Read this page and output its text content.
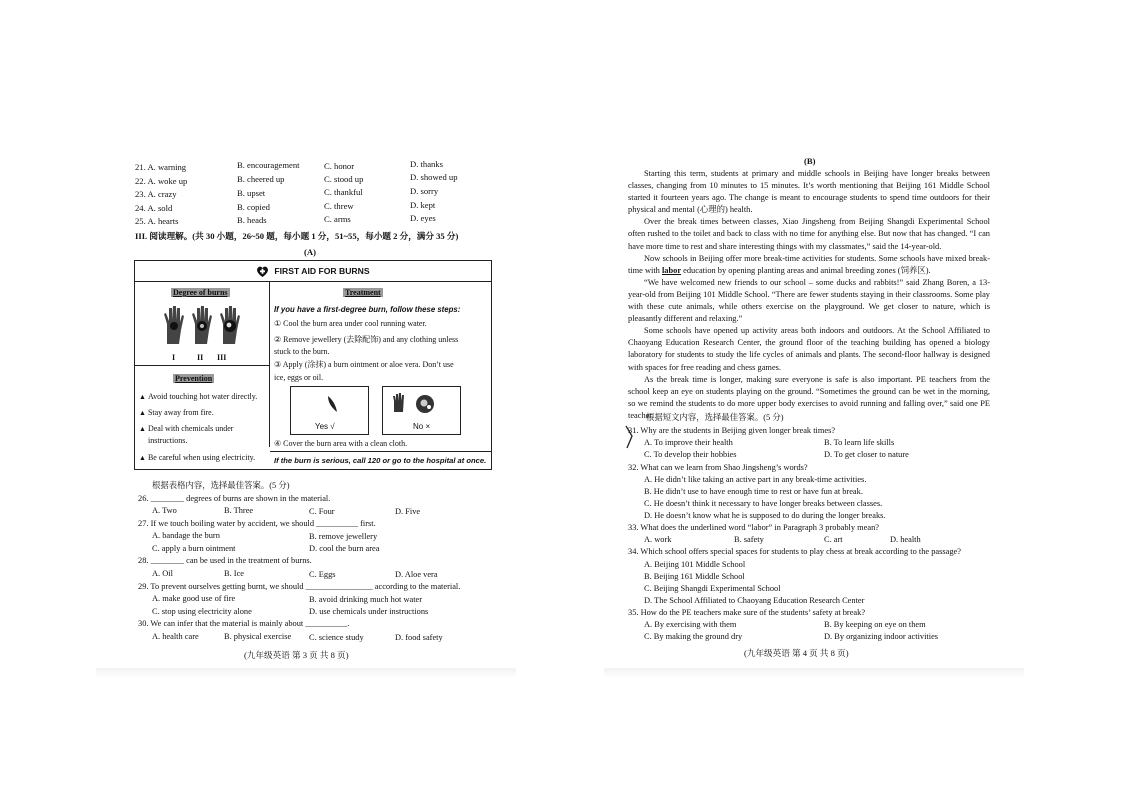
21. A. warning	B. encouragement	C. honor	D. thanks
22. A. woke up	B. cheered up	C. stood up	D. showed up
23. A. crazy	B. upset	C. thankful	D. sorry
24. A. sold	B. copied	C. threw	D. kept
25. A. hearts	B. heads	C. arms	D. eyes
III. 阅读理解。(共 30 小题，26~50 题，每小题 1 分，51~55，每小题 2 分，满分 35 分)
(A)
FIRST AID FOR BURNS
Degree of burns
I	II III
Prevention
▲ Avoid touching hot water directly.
▲ Stay away from fire.
▲ Deal with chemicals under
instructions.
▲ Be careful when using electricity.
Treatment
If you have a first-degree burn, follow these steps:
① Cool the burn area under cool running water.
② Remove jewellery (去除配饰) and any clothing unless
stuck to the burn.
③ Apply (涂抹) a burn ointment or aloe vera. Don’t use
ice, eggs or oil.
Yes √	No ×
④ Cover the burn area with a clean cloth.
If the burn is serious, call 120 or go to the hospital at once.
根据表格内容，选择最佳答案。(5 分)
26. ________ degrees of burns are shown in the material.
A. Two	B. Three	C. Four	D. Five
27. If we touch boiling water by accident, we should __________ first.
A. bandage the burn	B. remove jewellery
C. apply a burn ointment	D. cool the burn area
28. ________ can be used in the treatment of burns.
A. Oil	B. Ice	C. Eggs	D. Aloe vera
29. To prevent ourselves getting burnt, we should ________________ according to the material.
A. make good use of fire	B. avoid drinking much hot water
C. stop using electricity alone	D. use chemicals under instructions
30. We can infer that the material is mainly about __________.
A. health care	B. physical exercise C. science study	D. food safety
(九年级英语 第 3 页 共 8 页)
(B)

Starting this term, students at primary and middle schools in Beijing have longer breaks between classes, changing from 10 minutes to 15 minutes. It’s worth mentioning that Beijing 161 Middle School started it fourteen years ago. The change is meant to encourage students to spend time outdoors for their physical and mental (心理的) health.

Over the break times between classes, Xiao Jingsheng from Beijing Shangdi Experimental School often rushed to the toilet and back to class with no time for anything else. But now that has changed. “I can have more time to rest and share interesting things with my classmates,” said the 14-year-old.

Now schools in Beijing offer more break-time activities for students. Some schools have mixed break-time with labor education by opening planting areas and animal breeding zones (饲养区).

“We have welcomed new friends to our school – some ducks and rabbits!” said Zhang Boren, a 13-year-old from Beijing 101 Middle School. “There are fewer students staying in their classrooms. Some play with these cute animals, while others exercise on the playground. We get closer to nature, which is pleasantly different and relaxing.”

Some schools have opened up activity areas both indoors and outdoors. At the School Affiliated to Chaoyang Education Research Center, the ground floor of the teaching building has opened a biology laboratory for students to study the life cycles of animals and plants. The second-floor hallway is designed with spaces for free reading and chess games.

As the break time is longer, making sure everyone is safe is also important. PE teachers from the school keep an eye on students playing on the ground. “Sometimes the ground can be wet in the morning, so we remind the students to do more upper body exercises to avoid running and falling over,” said one PE teacher.

根据短文内容，选择最佳答案。(5 分)
31. Why are the students in Beijing given longer break times?
A. To improve their health	B. To learn life skills
C. To develop their hobbies	D. To get closer to nature
32. What can we learn from Shao Jingsheng’s words?
A. He didn’t like taking an active part in any break-time activities.
B. He didn’t use to have enough time to rest or have fun at break.
C. He doesn’t think it necessary to have longer breaks between classes.
D. He doesn’t know what he is supposed to do during the longer breaks.
33. What does the underlined word “labor” in Paragraph 3 probably mean?
A. work	B. safety	C. art	D. health
34. Which school offers special spaces for students to play chess at break according to the passage?
A. Beijing 101 Middle School
B. Beijing 161 Middle School
C. Beijing Shangdi Experimental School
D. The School Affiliated to Chaoyang Education Research Center
35. How do the PE teachers make sure of the students’ safety at break?
A. By exercising with them	B. By keeping on eye on them
C. By making the ground dry	D. By organizing indoor activities
(九年级英语 第 4 页 共 8 页)
